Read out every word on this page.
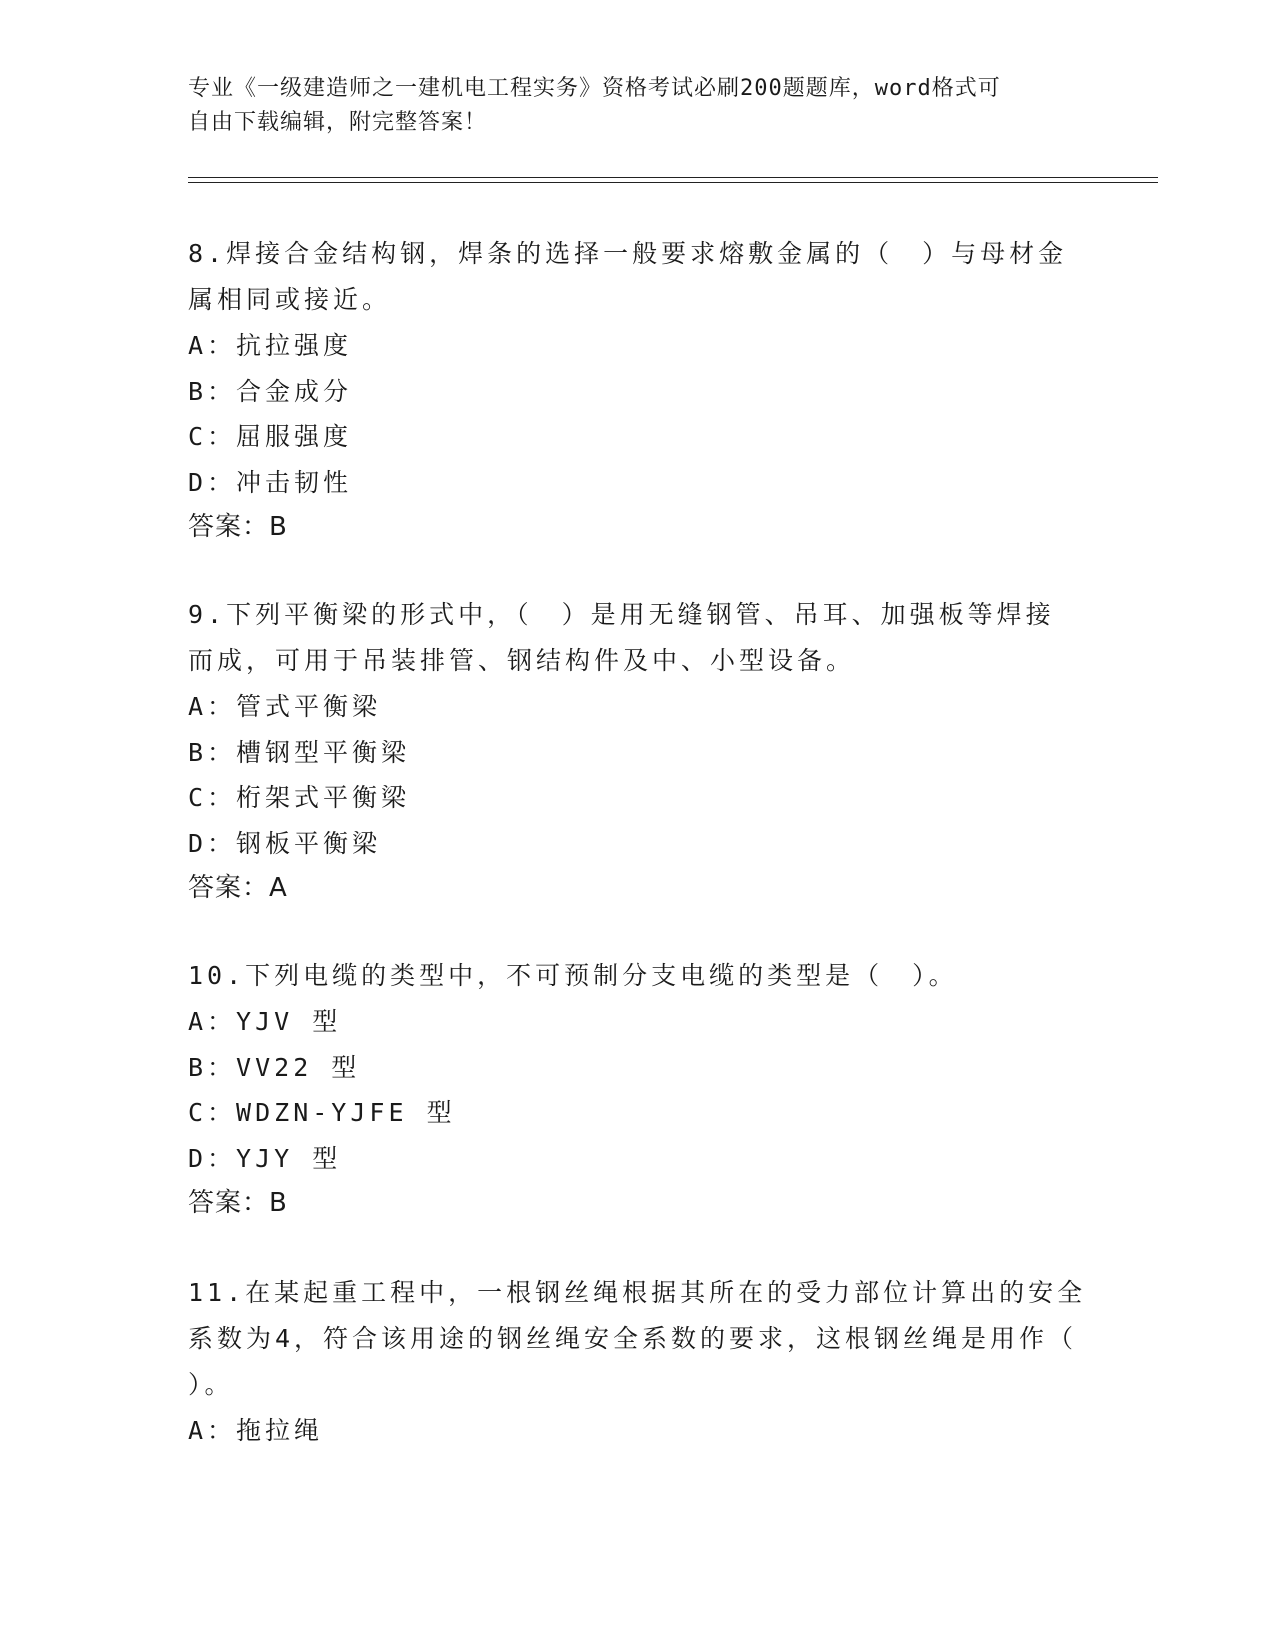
专业《一级建造师之一建机电工程实务》资格考试必刷200题题库，word格式可
自由下载编辑，附完整答案！

8.焊接合金结构钢，焊条的选择一般要求熔敷金属的（　）与母材金

属相同或接近。

A：抗拉强度

B：合金成分

C：屈服强度

D：冲击韧性

答案：B

9.下列平衡梁的形式中，（　）是用无缝钢管、吊耳、加强板等焊接

而成，可用于吊装排管、钢结构件及中、小型设备。

A：管式平衡梁

B：槽钢型平衡梁

C：桁架式平衡梁

D：钢板平衡梁

答案：A

10.下列电缆的类型中，不可预制分支电缆的类型是（　）。

A：YJV 型

B：VV22 型

C：WDZN-YJFE 型

D：YJY 型

答案：B

11.在某起重工程中，一根钢丝绳根据其所在的受力部位计算出的安全

系数为4，符合该用途的钢丝绳安全系数的要求，这根钢丝绳是用作（

）。

A：拖拉绳
